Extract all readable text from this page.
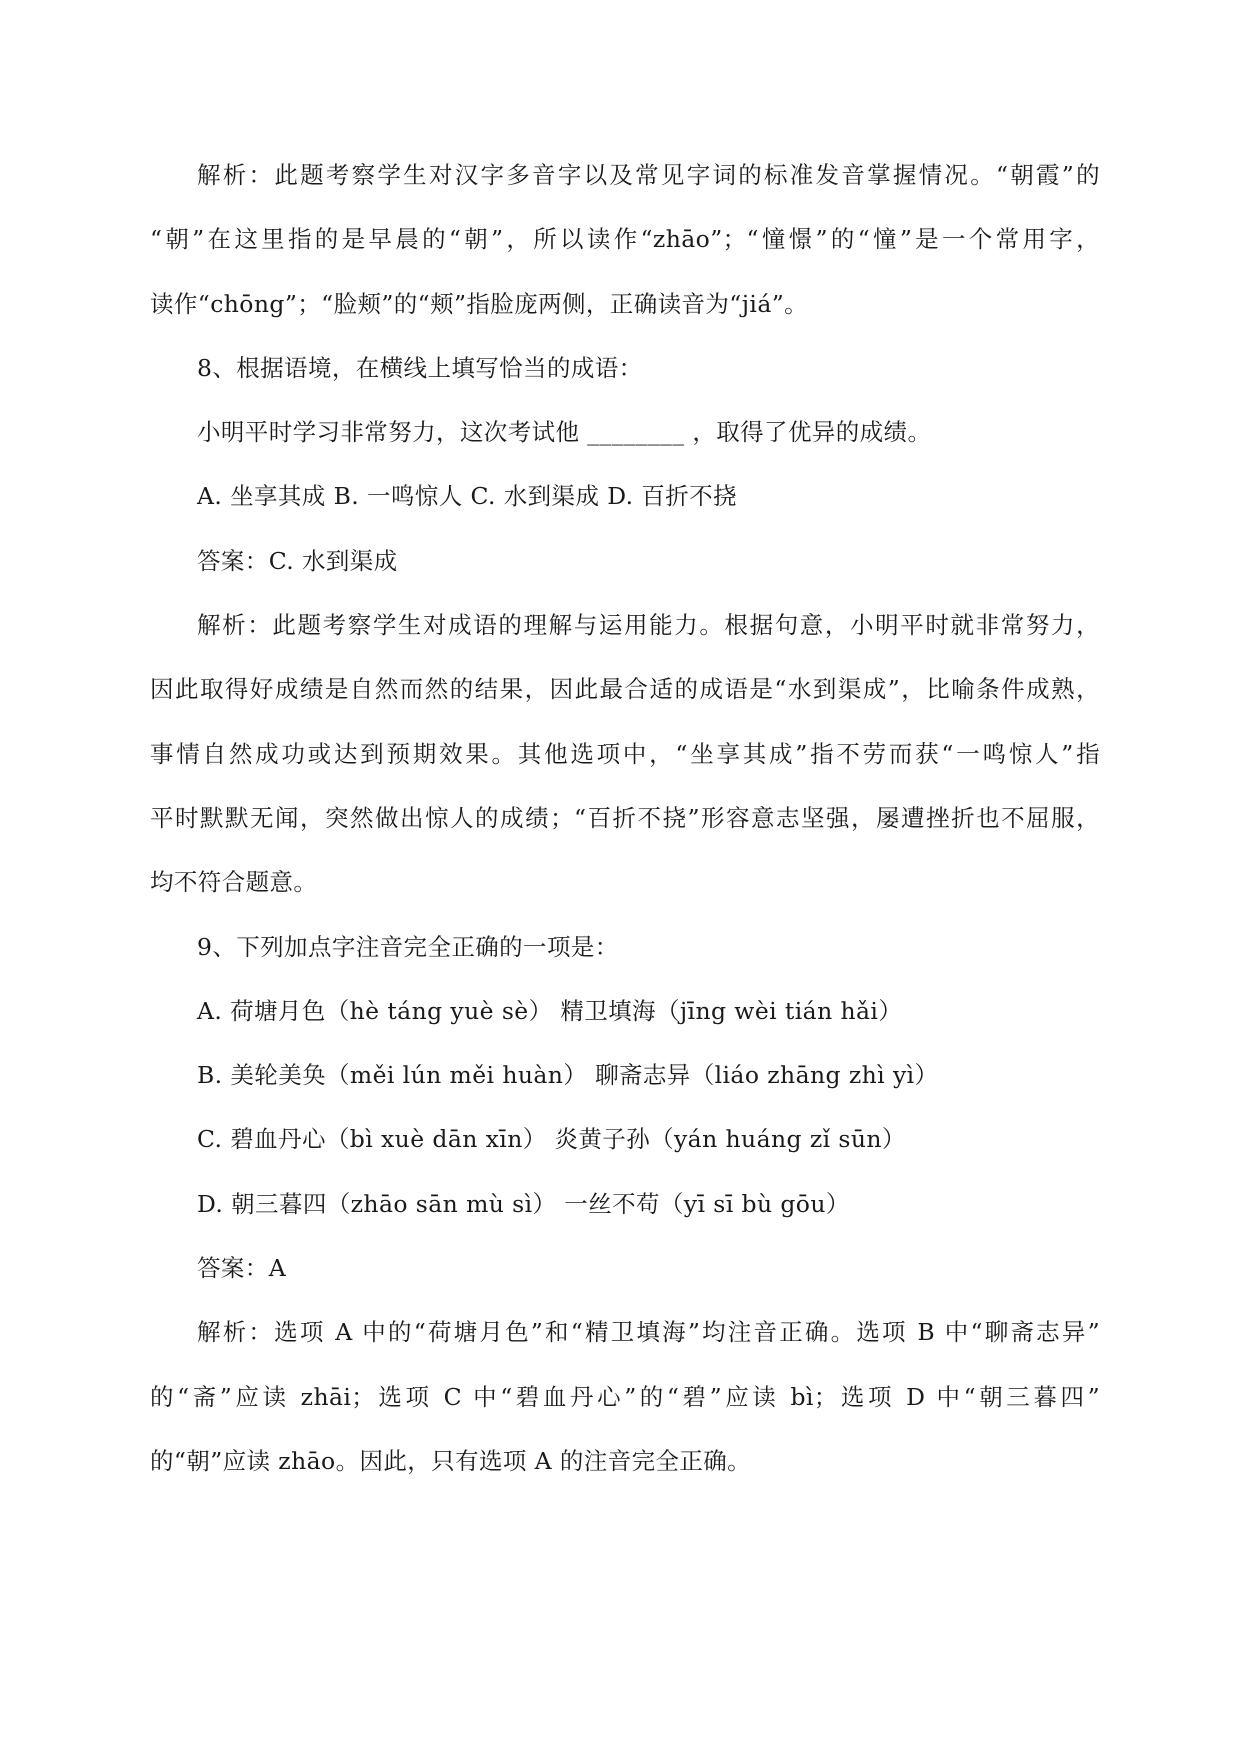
解析：此题考察学生对汉字多音字以及常见字词的标准发音掌握情况。“朝霞”的
“朝”在这里指的是早晨的“朝”，所以读作“zhāo”；“憧憬”的“憧”是一个常用字，
读作“chōng”；“脸颊”的“颊”指脸庞两侧，正确读音为“jiá”。
8、根据语境，在横线上填写恰当的成语：
小明平时学习非常努力，这次考试他 ________ ，取得了优异的成绩。
A. 坐享其成 B. 一鸣惊人 C. 水到渠成 D. 百折不挠
答案：C. 水到渠成
解析：此题考察学生对成语的理解与运用能力。根据句意，小明平时就非常努力，
因此取得好成绩是自然而然的结果，因此最合适的成语是“水到渠成”，比喻条件成熟，
事情自然成功或达到预期效果。其他选项中，“坐享其成”指不劳而获“一鸣惊人”指
平时默默无闻，突然做出惊人的成绩；“百折不挠”形容意志坚强，屡遭挫折也不屈服，
均不符合题意。
9、下列加点字注音完全正确的一项是：
A. 荷塘月色（hè táng yuè sè） 精卫填海（jīng wèi tián hǎi）
B. 美轮美奂（měi lún měi huàn） 聊斋志异（liáo zhāng zhì yì）
C. 碧血丹心（bì xuè dān xīn） 炎黄子孙（yán huáng zǐ sūn）
D. 朝三暮四（zhāo sān mù sì） 一丝不苟（yī sī bù gōu）
答案：A
解析：选项 A 中的“荷塘月色”和“精卫填海”均注音正确。选项 B 中“聊斋志异”
的“斋”应读 zhāi；选项 C 中“碧血丹心”的“碧”应读 bì；选项 D 中“朝三暮四”
的“朝”应读 zhāo。因此，只有选项 A 的注音完全正确。
